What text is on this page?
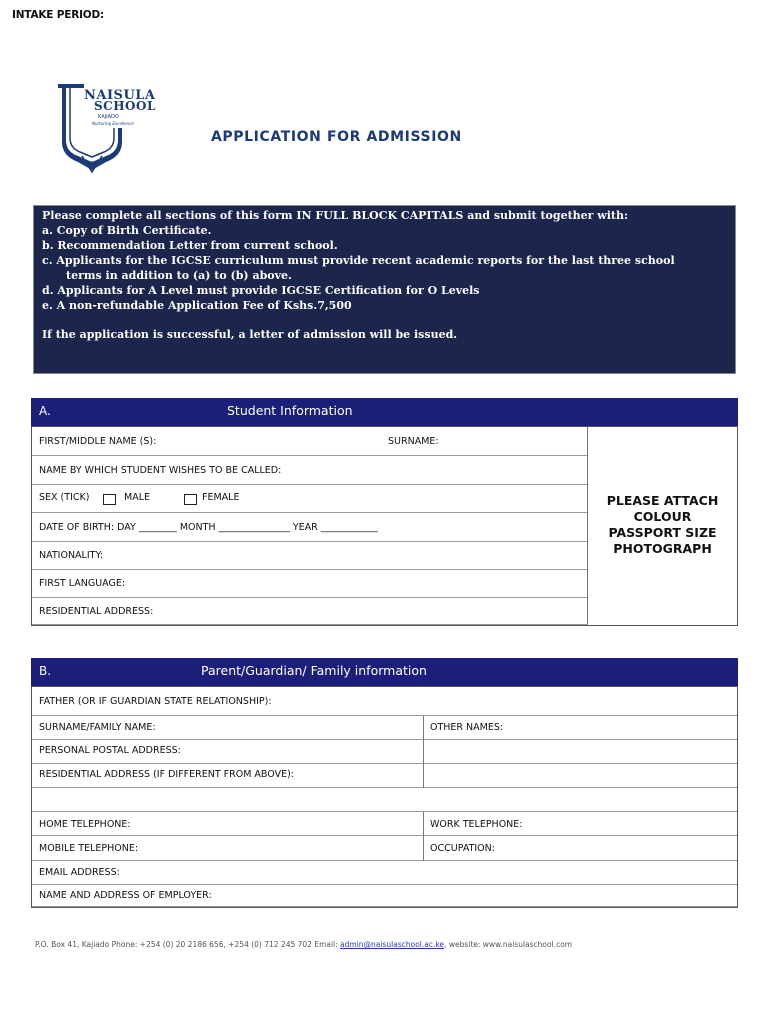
INTAKE PERIOD:
NAISULA
SCHOOL
KAJIADO
Nurturing Excellence
APPLICATION FOR ADMISSION
Please complete all sections of this form IN FULL BLOCK CAPITALS and submit together with:
a. Copy of Birth Certificate.
b. Recommendation Letter from current school.
c. Applicants for the IGCSE curriculum must provide recent academic reports for the last three school
terms in addition to (a) to (b) above.
d. Applicants for A Level must provide IGCSE Certification for O Levels
e. A non-refundable Application Fee of Kshs.7,500
If the application is successful, a letter of admission will be issued.
A.	Student Information
FIRST/MIDDLE NAME (S):	SURNAME:
NAME BY WHICH STUDENT WISHES TO BE CALLED:
SEX (TICK)	MALE	FEMALE
DATE OF BIRTH: DAY ________ MONTH _______________ YEAR ____________
NATIONALITY:
FIRST LANGUAGE:
RESIDENTIAL ADDRESS:
PLEASE ATTACH
COLOUR
PASSPORT SIZE
PHOTOGRAPH
B.	Parent/Guardian/ Family information
FATHER (OR IF GUARDIAN STATE RELATIONSHIP):
SURNAME/FAMILY NAME:	OTHER NAMES:
PERSONAL POSTAL ADDRESS:
RESIDENTIAL ADDRESS (IF DIFFERENT FROM ABOVE):
HOME TELEPHONE:	WORK TELEPHONE:
MOBILE TELEPHONE:	OCCUPATION:
EMAIL ADDRESS:
NAME AND ADDRESS OF EMPLOYER:
P.O. Box 41, Kajiado Phone: +254 (0) 20 2186 656, +254 (0) 712 245 702 Email: admin@naisulaschool.ac.ke, website: www.naisulaschool.com
